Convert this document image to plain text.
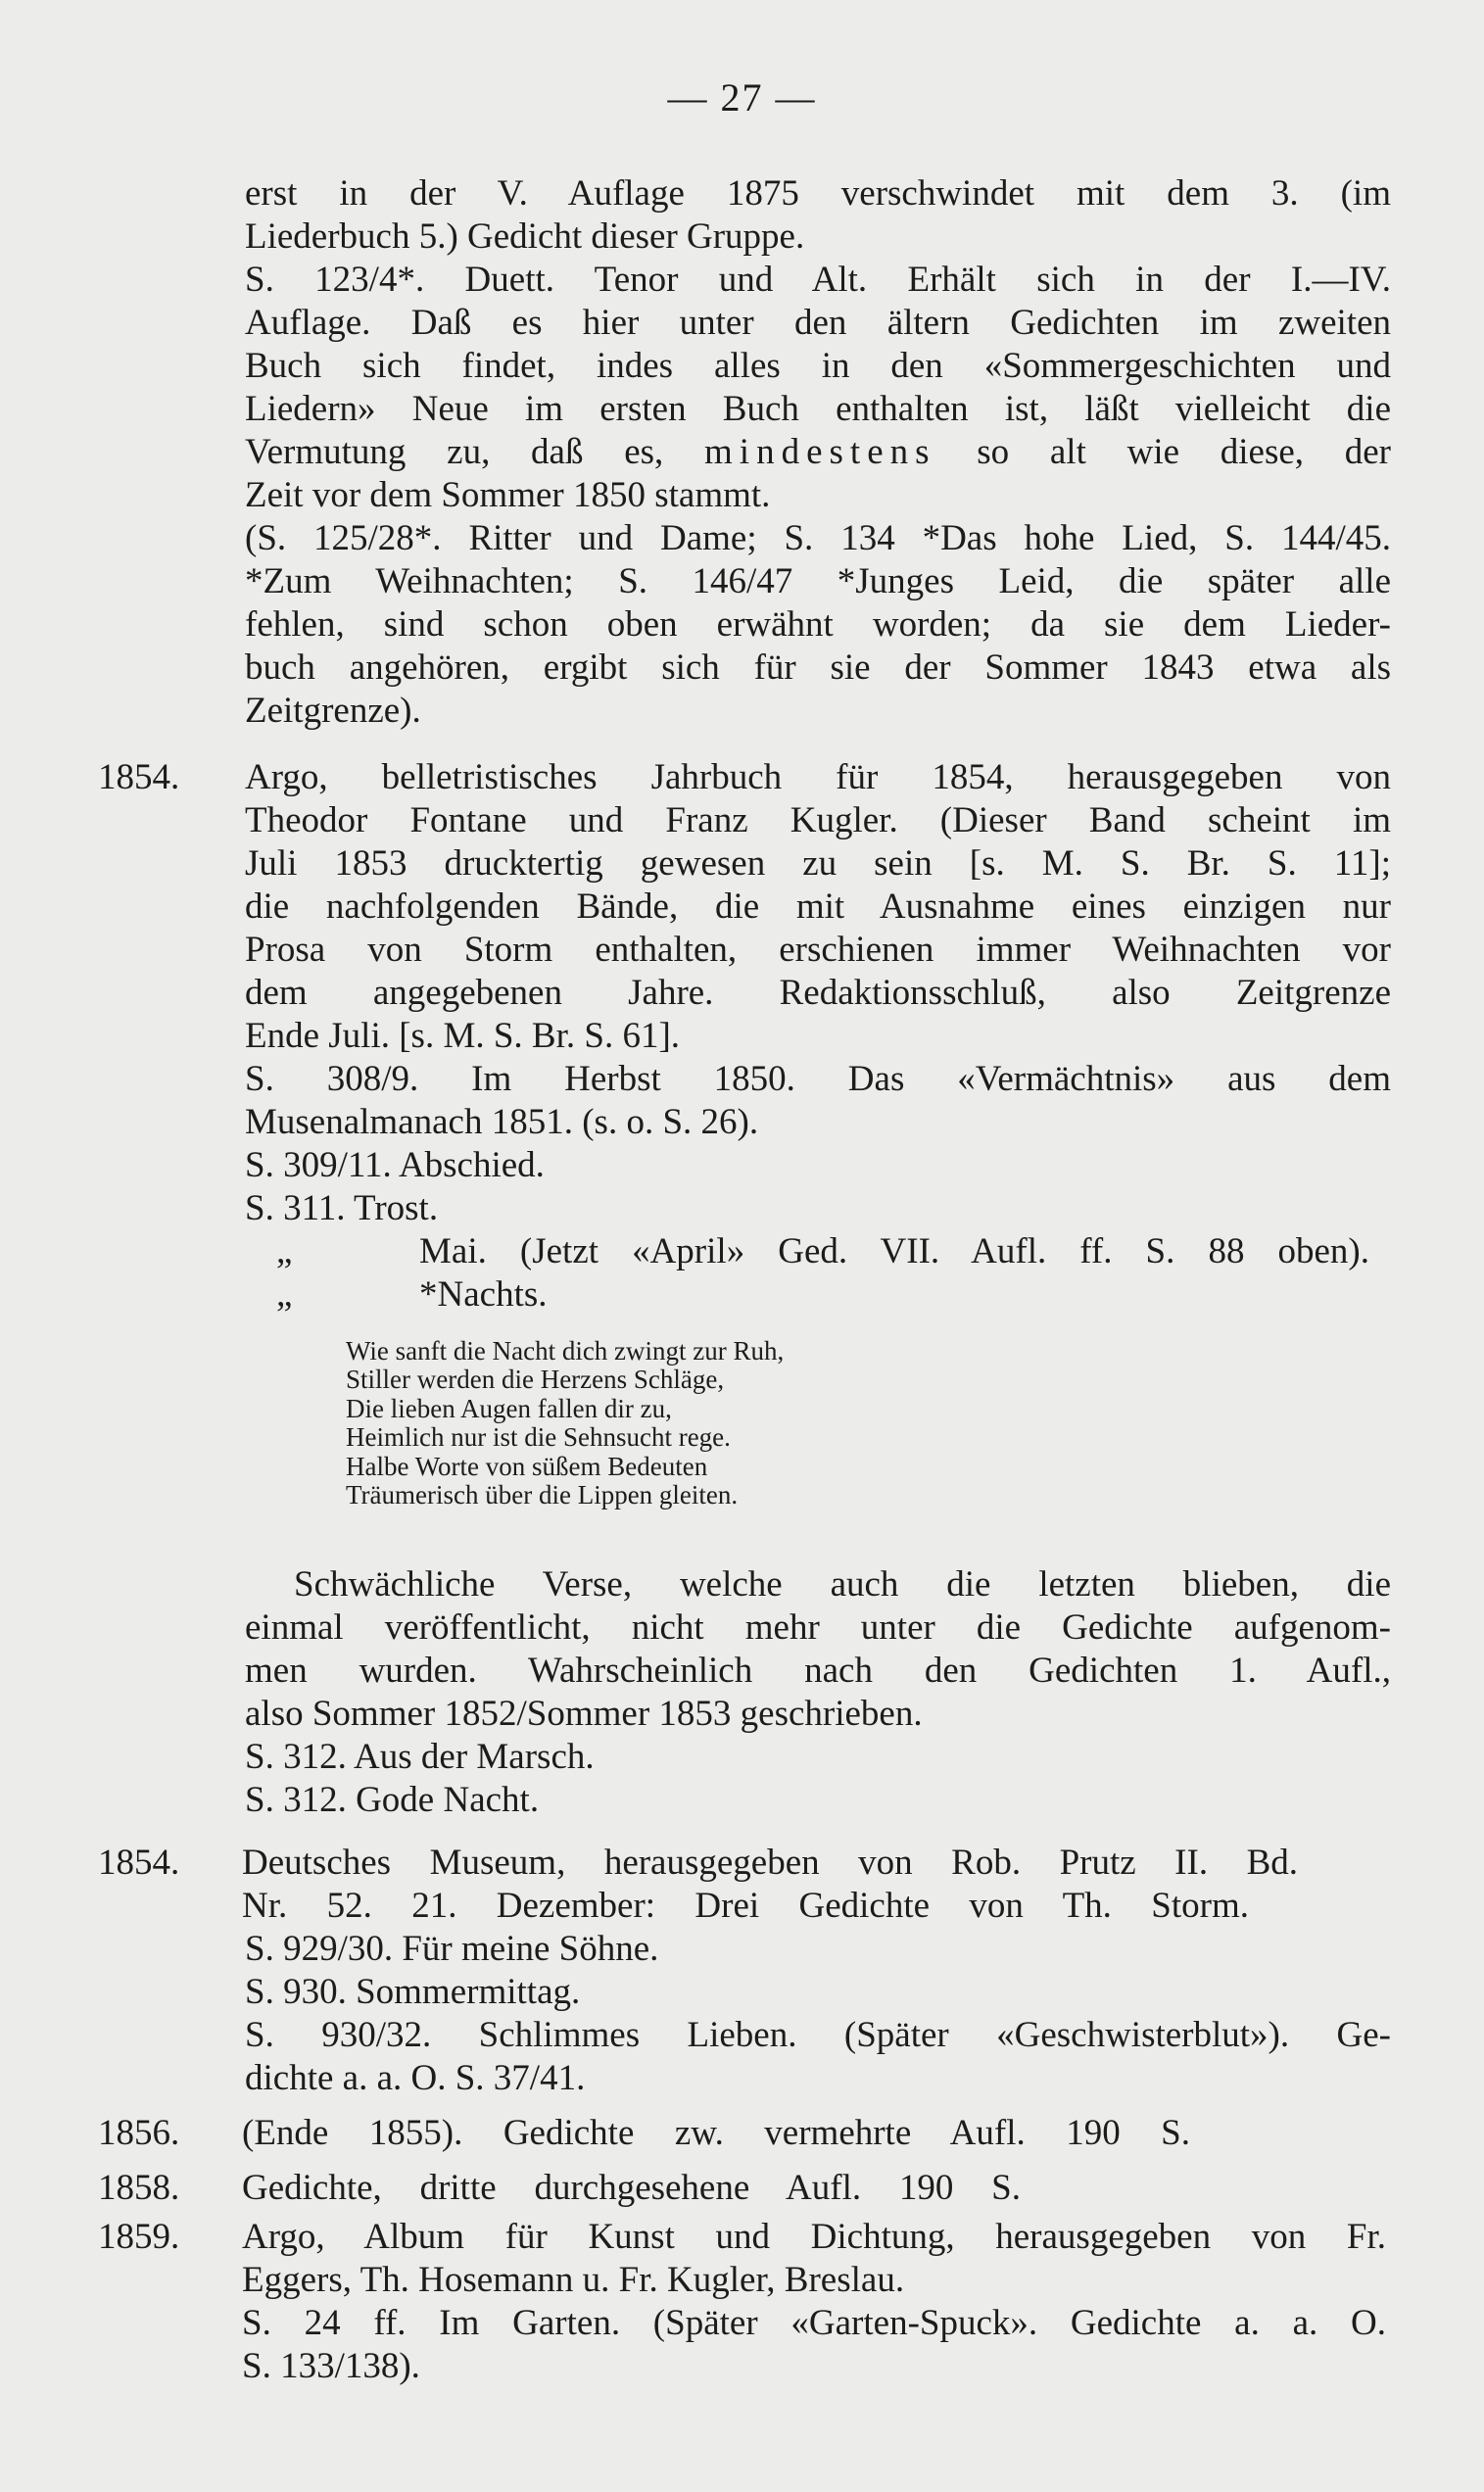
— 27 —
erst in der V. Auflage 1875 verschwindet mit dem 3. (im
Liederbuch 5.) Gedicht dieser Gruppe.
S. 123/4*. Duett. Tenor und Alt. Erhält sich in der I.—IV.
Auflage. Daß es hier unter den ältern Gedichten im zweiten
Buch sich findet, indes alles in den «Sommergeschichten und
Liedern» Neue im ersten Buch enthalten ist, läßt vielleicht die
Vermutung zu, daß es, mindestens so alt wie diese, der
Zeit vor dem Sommer 1850 stammt.
(S. 125/28*. Ritter und Dame; S. 134 *Das hohe Lied, S. 144/45.
*Zum Weihnachten; S. 146/47 *Junges Leid, die später alle
fehlen, sind schon oben erwähnt worden; da sie dem Lieder-
buch angehören, ergibt sich für sie der Sommer 1843 etwa als
Zeitgrenze).
1854. Argo, belletristisches Jahrbuch für 1854, herausgegeben von
Theodor Fontane und Franz Kugler. (Dieser Band scheint im
Juli 1853 drucktertig gewesen zu sein [s. M. S. Br. S. 11];
die nachfolgenden Bände, die mit Ausnahme eines einzigen nur
Prosa von Storm enthalten, erschienen immer Weihnachten vor
dem angegebenen Jahre. Redaktionsschluß, also Zeitgrenze
Ende Juli. [s. M. S. Br. S. 61].
S. 308/9. Im Herbst 1850. Das «Vermächtnis» aus dem
Musenalmanach 1851. (s. o. S. 26).
S. 309/11. Abschied.
S. 311. Trost.
„	Mai. (Jetzt «April» Ged. VII. Aufl. ff. S. 88 oben).
„	*Nachts.
Wie sanft die Nacht dich zwingt zur Ruh,
Stiller werden die Herzens Schläge,
Die lieben Augen fallen dir zu,
Heimlich nur ist die Sehnsucht rege.
Halbe Worte von süßem Bedeuten
Träumerisch über die Lippen gleiten.
Schwächliche Verse, welche auch die letzten blieben, die
einmal veröffentlicht, nicht mehr unter die Gedichte aufgenom-
men wurden. Wahrscheinlich nach den Gedichten 1. Aufl.,
also Sommer 1852/Sommer 1853 geschrieben.
S. 312. Aus der Marsch.
S. 312. Gode Nacht.
1854. Deutsches Museum, herausgegeben von Rob. Prutz II. Bd.
Nr. 52. 21. Dezember: Drei Gedichte von Th. Storm.
S. 929/30. Für meine Söhne.
S. 930. Sommermittag.
S. 930/32. Schlimmes Lieben. (Später «Geschwisterblut»). Ge-
dichte a. a. O. S. 37/41.
1856. (Ende 1855). Gedichte zw. vermehrte Aufl. 190 S.
1858. Gedichte, dritte durchgesehene Aufl. 190 S.
1859. Argo, Album für Kunst und Dichtung, herausgegeben von Fr.
Eggers, Th. Hosemann u. Fr. Kugler, Breslau.
S. 24 ff. Im Garten. (Später «Garten-Spuck». Gedichte a. a. O.
S. 133/138).
